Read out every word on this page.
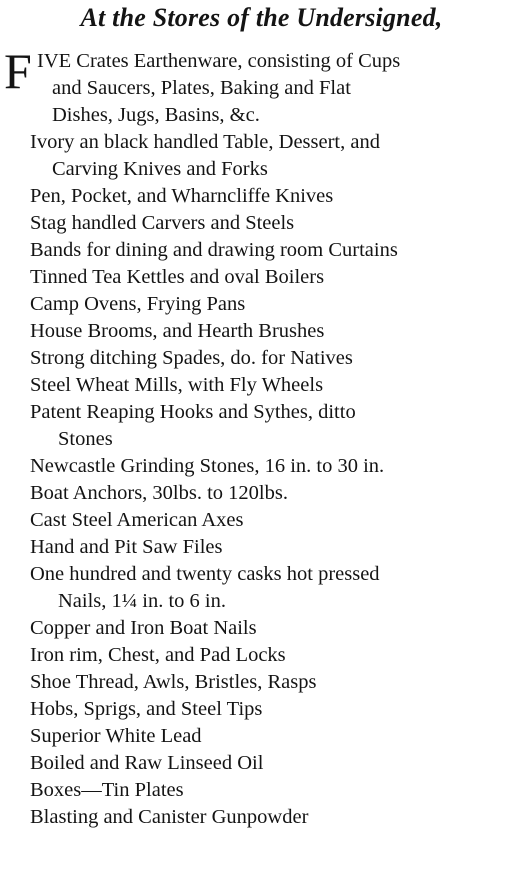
At the Stores of the Undersigned,
F IVE Crates Earthenware, consisting of Cups
and Saucers, Plates, Baking and Flat
Dishes, Jugs, Basins, &c.
Ivory an black handled Table, Dessert, and
Carving Knives and Forks
Pen, Pocket, and Wharncliffe Knives
Stag handled Carvers and Steels
Bands for dining and drawing room Curtains
Tinned Tea Kettles and oval Boilers
Camp Ovens, Frying Pans
House Brooms, and Hearth Brushes
Strong ditching Spades, do. for Natives
Steel Wheat Mills, with Fly Wheels
Patent Reaping Hooks and Sythes, ditto
Stones
Newcastle Grinding Stones, 16 in. to 30 in.
Boat Anchors, 30lbs. to 120lbs.
Cast Steel American Axes
Hand and Pit Saw Files
One hundred and twenty casks hot pressed
Nails, 1¼ in. to 6 in.
Copper and Iron Boat Nails
Iron rim, Chest, and Pad Locks
Shoe Thread, Awls, Bristles, Rasps
Hobs, Sprigs, and Steel Tips
Superior White Lead
Boiled and Raw Linseed Oil
Boxes—Tin Plates
Blasting and Canister Gunpowder
